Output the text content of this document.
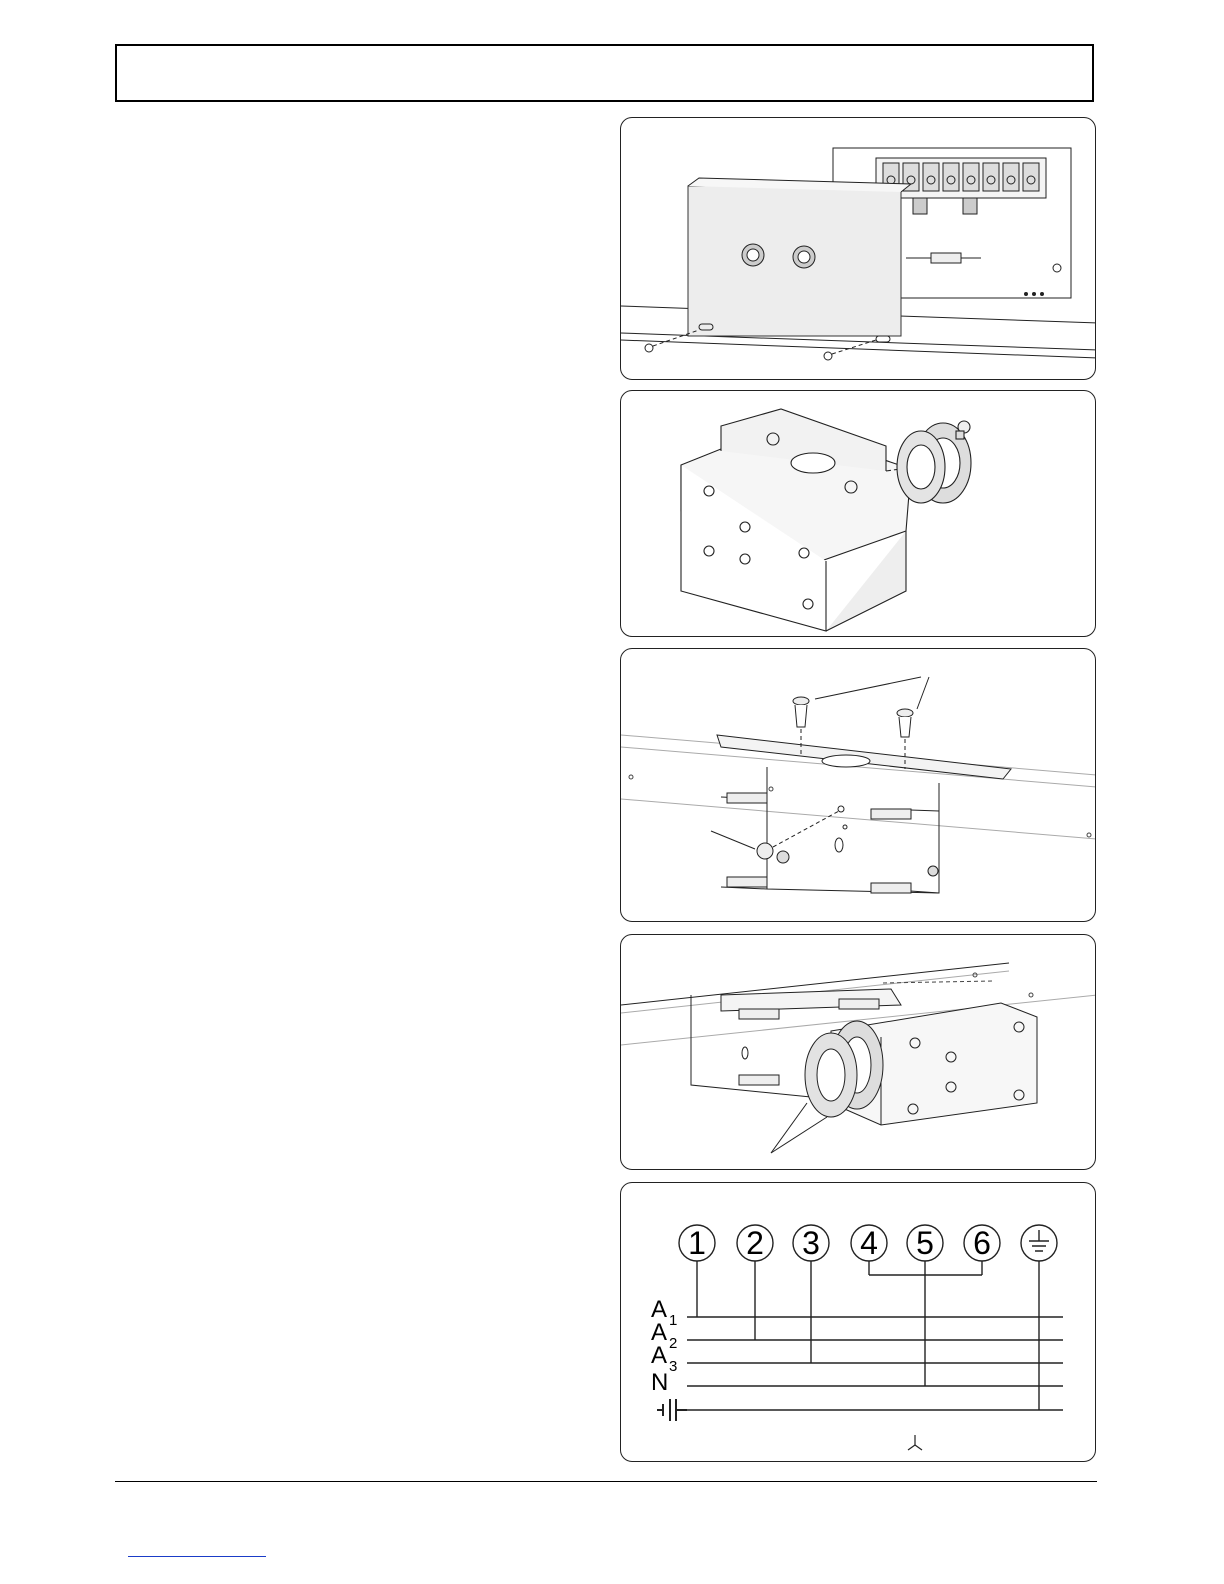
1 2 3 4 5 6
A 1
A 2
A 3
N
